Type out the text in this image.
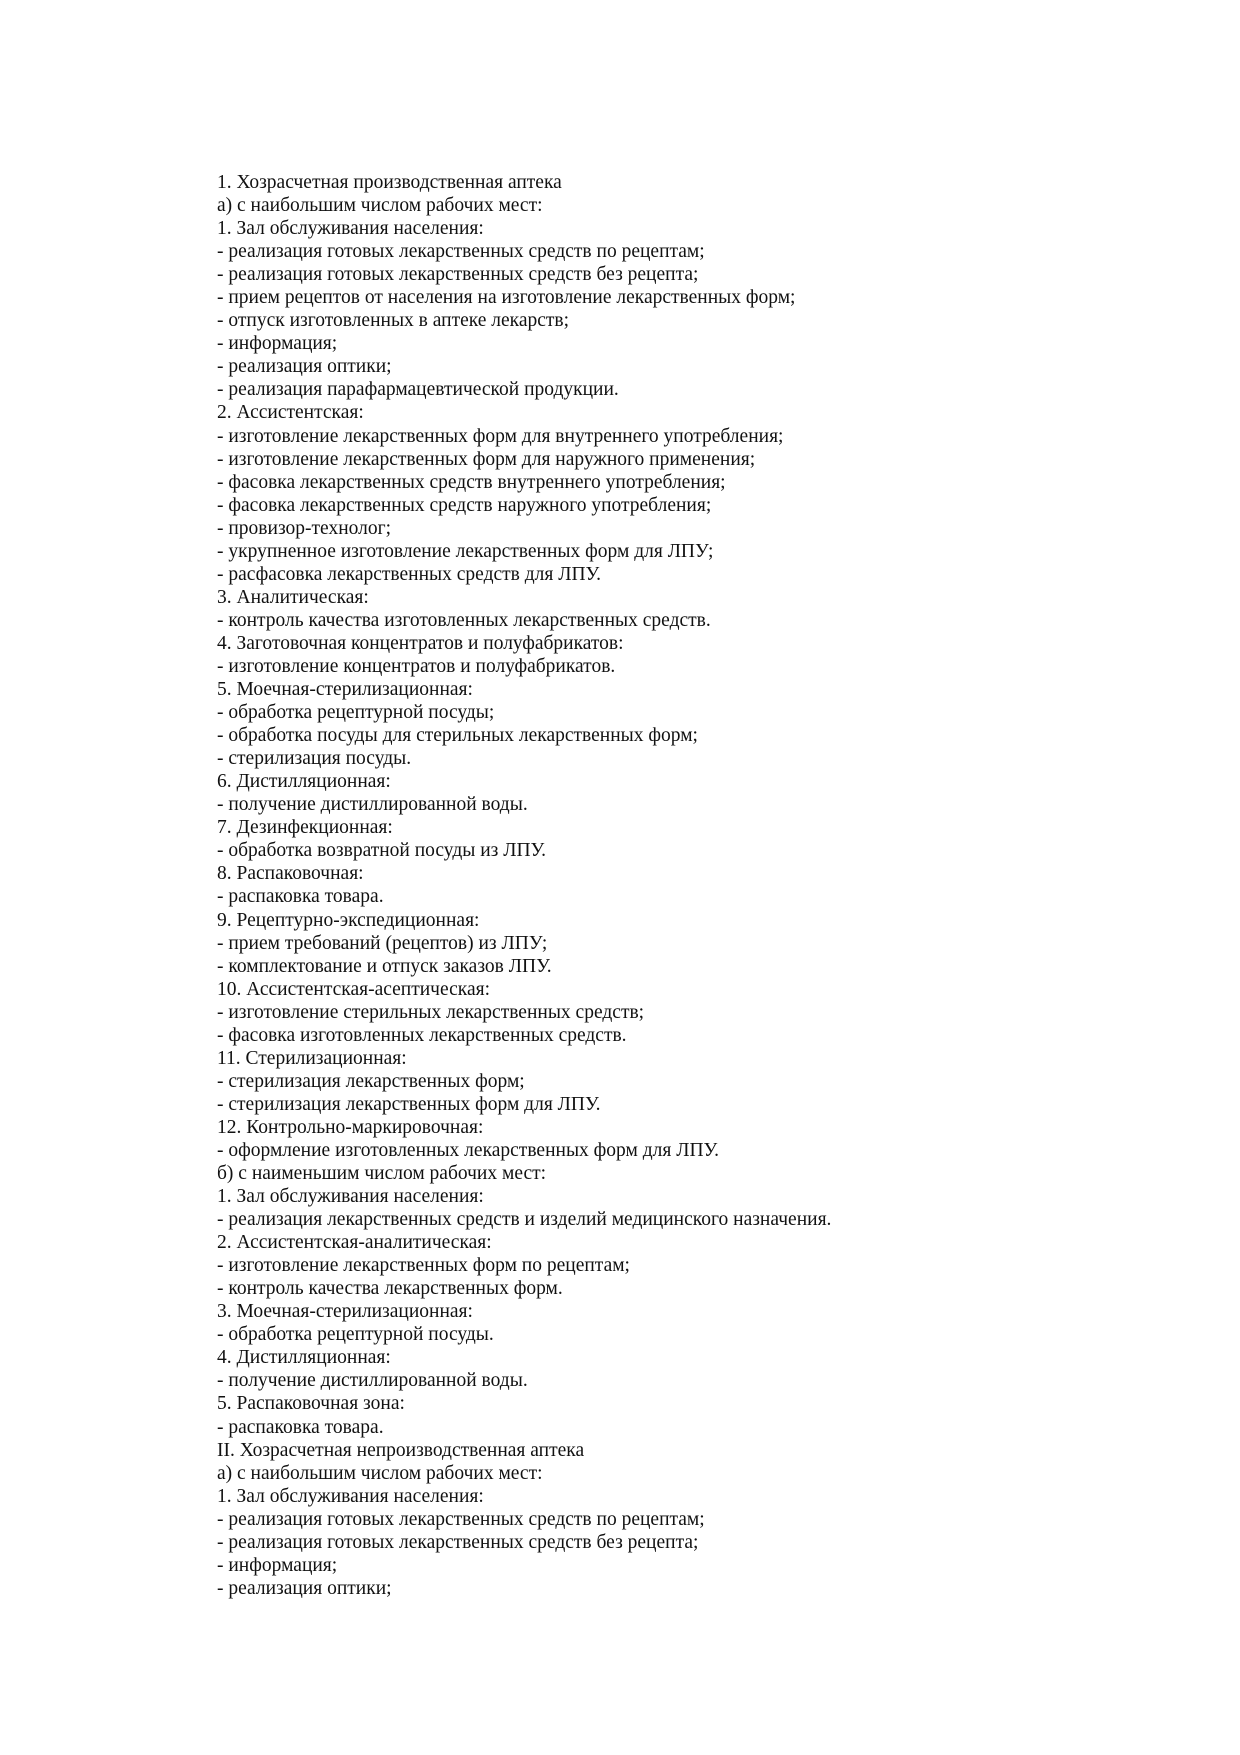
1. Хозрасчетная производственная аптека
а) с наибольшим числом рабочих мест:
1. Зал обслуживания населения:
- реализация готовых лекарственных средств по рецептам;
- реализация готовых лекарственных средств без рецепта;
- прием рецептов от населения на изготовление лекарственных форм;
- отпуск изготовленных в аптеке лекарств;
- информация;
- реализация оптики;
- реализация парафармацевтической продукции.
2. Ассистентская:
- изготовление лекарственных форм для внутреннего употребления;
- изготовление лекарственных форм для наружного применения;
- фасовка лекарственных средств внутреннего употребления;
- фасовка лекарственных средств наружного употребления;
- провизор-технолог;
- укрупненное изготовление лекарственных форм для ЛПУ;
- расфасовка лекарственных средств для ЛПУ.
3. Аналитическая:
- контроль качества изготовленных лекарственных средств.
4. Заготовочная концентратов и полуфабрикатов:
- изготовление концентратов и полуфабрикатов.
5. Моечная-стерилизационная:
- обработка рецептурной посуды;
- обработка посуды для стерильных лекарственных форм;
- стерилизация посуды.
6. Дистилляционная:
- получение дистиллированной воды.
7. Дезинфекционная:
- обработка возвратной посуды из ЛПУ.
8. Распаковочная:
- распаковка товара.
9. Рецептурно-экспедиционная:
- прием требований (рецептов) из ЛПУ;
- комплектование и отпуск заказов ЛПУ.
10. Ассистентская-асептическая:
- изготовление стерильных лекарственных средств;
- фасовка изготовленных лекарственных средств.
11. Стерилизационная:
- стерилизация лекарственных форм;
- стерилизация лекарственных форм для ЛПУ.
12. Контрольно-маркировочная:
- оформление изготовленных лекарственных форм для ЛПУ.
б) с наименьшим числом рабочих мест:
1. Зал обслуживания населения:
- реализация лекарственных средств и изделий медицинского назначения.
2. Ассистентская-аналитическая:
- изготовление лекарственных форм по рецептам;
- контроль качества лекарственных форм.
3. Моечная-стерилизационная:
- обработка рецептурной посуды.
4. Дистилляционная:
- получение дистиллированной воды.
5. Распаковочная зона:
- распаковка товара.
II. Хозрасчетная непроизводственная аптека
а) с наибольшим числом рабочих мест:
1. Зал обслуживания населения:
- реализация готовых лекарственных средств по рецептам;
- реализация готовых лекарственных средств без рецепта;
- информация;
- реализация оптики;
